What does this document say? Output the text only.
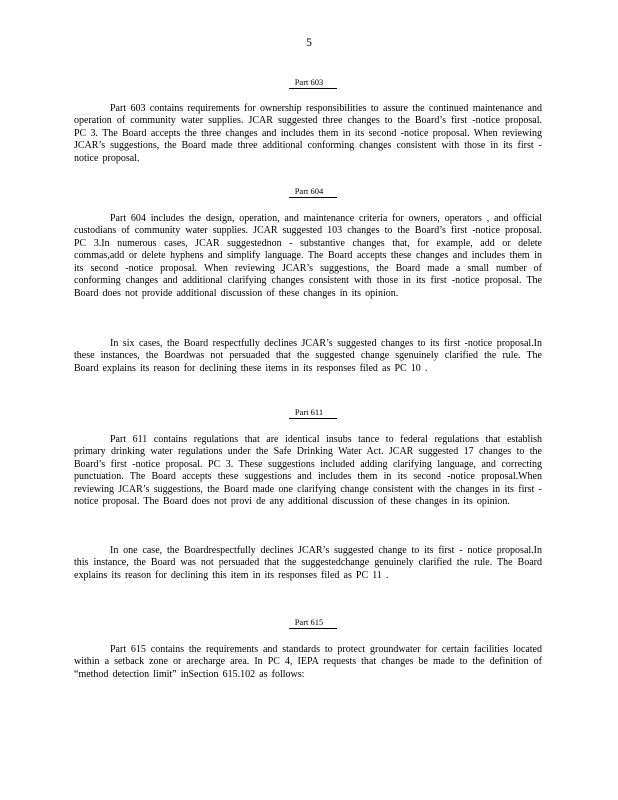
5
Part 603

Part 603 contains requirements for ownership responsibilities to assure the continued maintenance and operation of community water supplies. JCAR suggested three changes to the Board’s first -notice proposal. PC 3. The Board accepts the three changes and includes them in its second -notice proposal. When reviewing JCAR’s suggestions, the Board made three additional conforming changes consistent with those in its first -notice proposal.

Part 604

Part 604 includes the design, operation, and maintenance criteria for owners, operators , and official custodians of community water supplies. JCAR suggested 103 changes to the Board’s first -notice proposal. PC 3.In numerous cases, JCAR suggestednon - substantive changes that, for example, add or delete commas,add or delete hyphens and simplify language. The Board accepts these changes and includes them in its second -notice proposal. When reviewing JCAR’s suggestions, the Board made a small number of conforming changes and additional clarifying changes consistent with those in its first -notice proposal. The Board does not provide additional discussion of these changes in its opinion.

In six cases, the Board respectfully declines JCAR’s suggested changes to its first -notice proposal.In these instances, the Boardwas not persuaded that the suggested change sgenuinely clarified the rule. The Board explains its reason for declining these items in its responses filed as PC 10 .

Part 611

Part 611 contains regulations that are identical insubs tance to federal regulations that establish primary drinking water regulations under the Safe Drinking Water Act. JCAR suggested 17 changes to the Board’s first -notice proposal. PC 3. These suggestions included adding clarifying language, and correcting punctuation. The Board accepts these suggestions and includes them in its second -notice proposal.When reviewing JCAR’s suggestions, the Board made one clarifying change consistent with the changes in its first -notice proposal. The Board does not provi de any additional discussion of these changes in its opinion.

In one case, the Boardrespectfully declines JCAR’s suggested change to its first - notice proposal.In this instance, the Board was not persuaded that the suggestedchange genuinely clarified the rule. The Board explains its reason for declining this item in its responses filed as PC 11 .

Part 615

Part 615 contains the requirements and standards to protect groundwater for certain facilities located within a setback zone or arecharge area. In PC 4, IEPA requests that changes be made to the definition of “method detection limit” inSection 615.102 as follows:
